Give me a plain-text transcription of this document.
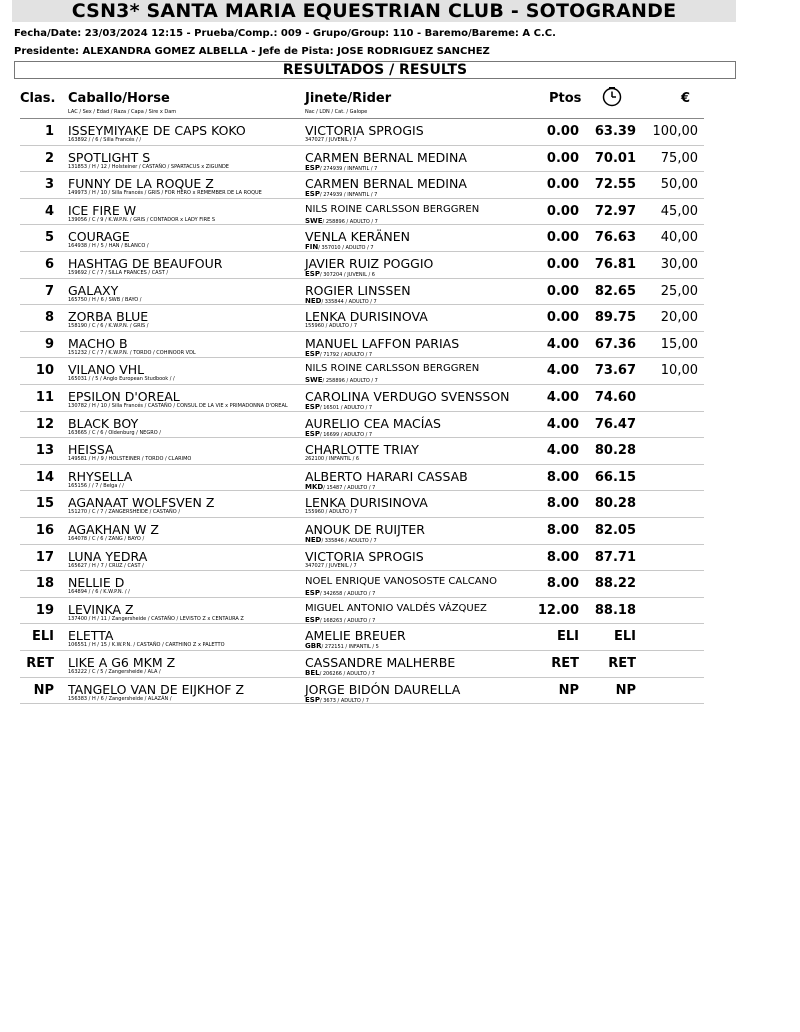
CSN3* SANTA MARIA EQUESTRIAN CLUB - SOTOGRANDE
Fecha/Date: 23/03/2024 12:15 - Prueba/Comp.: 009 - Grupo/Group: 110 - Baremo/Bareme: A C.C.
Presidente: ALEXANDRA GOMEZ ALBELLA - Jefe de Pista: JOSE RODRIGUEZ SANCHEZ
RESULTADOS / RESULTS
Clas. Caballo/Horse
LAC / Sex / Edad / Raza / Capa / Sire x Dam
Jinete/Rider
Nac / LDN / Cat. / Galope
Ptos	€
1 ISSEYMIYAKE DE CAPS KOKO
163892 / / 6 / Silla Francés / /
VICTORIA SPROGIS
347027 / JUVENIL / 7
0.00	63.39 100,00
2 SPOTLIGHT S
131853 / H / 12 / Holsteiner / CASTAÑO / SPARTACUS x ZIGUNDE
CARMEN BERNAL MEDINA
ESP/ 274939 / INFANTIL / 7
0.00	70.01	75,00
3 FUNNY DE LA ROQUE Z
149973 / H / 10 / Silla Francés / GRIS / FOR HERO x REMEMBER DE LA ROQUE
CARMEN BERNAL MEDINA
ESP/ 274939 / INFANTIL / 7
0.00	72.55	50,00
4 ICE FIRE W
139056 / C / 9 / K.W.P.N. / GRIS / CONTADOR x LADY FIRE S
NILS ROINE CARLSSON BERGGREN
SWE/ 258896 / ADULTO / 7
0.00	72.97	45,00
5 COURAGE
164938 / H / 5 / HAN / BLANCO /
VENLA KERÄNEN
FIN/ 357010 / ADULTO / 7
0.00	76.63	40,00
6 HASHTAG DE BEAUFOUR
159692 / C / 7 / SILLA FRANCES / CAST /
JAVIER RUIZ POGGIO
ESP/ 307204 / JUVENIL / 6
0.00	76.81	30,00
7 GALAXY
165750 / H / 6 / SWB / BAYO /
ROGIER LINSSEN
NED/ 335844 / ADULTO / 7
0.00	82.65	25,00
8 ZORBA BLUE
158190 / C / 6 / K.W.P.N. / GRIS /
LENKA DURISINOVA
155960 / ADULTO / 7
0.00	89.75	20,00
9 MACHO B
151232 / C / 7 / K.W.P.N. / TORDO / COHINOOR VDL
MANUEL LAFFON PARIAS
ESP/ 71792 / ADULTO / 7
4.00	67.36	15,00
10 VILANO VHL
165031 / / 5 / Anglo European Studbook / /
NILS ROINE CARLSSON BERGGREN
SWE/ 258896 / ADULTO / 7
4.00	73.67	10,00
11 EPSILON D'OREAL
130782 / H / 10 / Silla Francés / CASTAÑO / CONSUL DE LA VIE x PRIMADONNA D'OREAL
CAROLINA VERDUGO SVENSSON
ESP/ 16501 / ADULTO / 7
4.00	74.60
12 BLACK BOY
163665 / C / 6 / Oldenburg / NEGRO /
AURELIO CEA MACÍAS
ESP/ 16699 / ADULTO / 7
4.00	76.47
13 HEISSA
149581 / H / 9 / HOLSTEINER / TORDO / CLARIMO
CHARLOTTE TRIAY
262100 / INFANTIL / 6
4.00	80.28
14 RHYSELLA
165156 / / 7 / Belga / /
ALBERTO HARARI CASSAB
MKD/ 15487 / ADULTO / 7
8.00	66.15
15 AGANAAT WOLFSVEN Z
151270 / C / 7 / ZANGERSHEIDE / CASTAÑO /
LENKA DURISINOVA
155960 / ADULTO / 7
8.00	80.28
16 AGAKHAN W Z
164078 / C / 6 / ZANG / BAYO /
ANOUK DE RUIJTER
NED/ 335846 / ADULTO / 7
8.00	82.05
17 LUNA YEDRA
165627 / H / 7 / CRUZ / CAST /
VICTORIA SPROGIS
347027 / JUVENIL / 7
8.00	87.71
18 NELLIE D
164894 / / 6 / K.W.P.N. / /
NOEL ENRIQUE VANOSOSTE CALCANO
ESP/ 342658 / ADULTO / 7
8.00	88.22
19 LEVINKA Z
137400 / H / 11 / Zangersheide / CASTAÑO / LEVISTO Z x CENTAURA Z
MIGUEL ANTONIO VALDÉS VÁZQUEZ
ESP/ 168263 / ADULTO / 7
12.00	88.18
ELI ELETTA
106551 / H / 15 / K.W.P.N. / CASTAÑO / CARTHINO Z x PALETTO
AMELIE BREUER
GBR/ 272151 / INFANTIL / 5
ELI	ELI
RET LIKE A G6 MKM Z
163222 / C / 5 / Zangersheide / ALA /
CASSANDRE MALHERBE
BEL/ 206266 / ADULTO / 7
RET	RET
NP TANGELO VAN DE EIJKHOF Z
156383 / H / 6 / Zangersheide / ALAZÁN /
JORGE BIDÓN DAURELLA
ESP/ 3673 / ADULTO / 7
NP	NP
